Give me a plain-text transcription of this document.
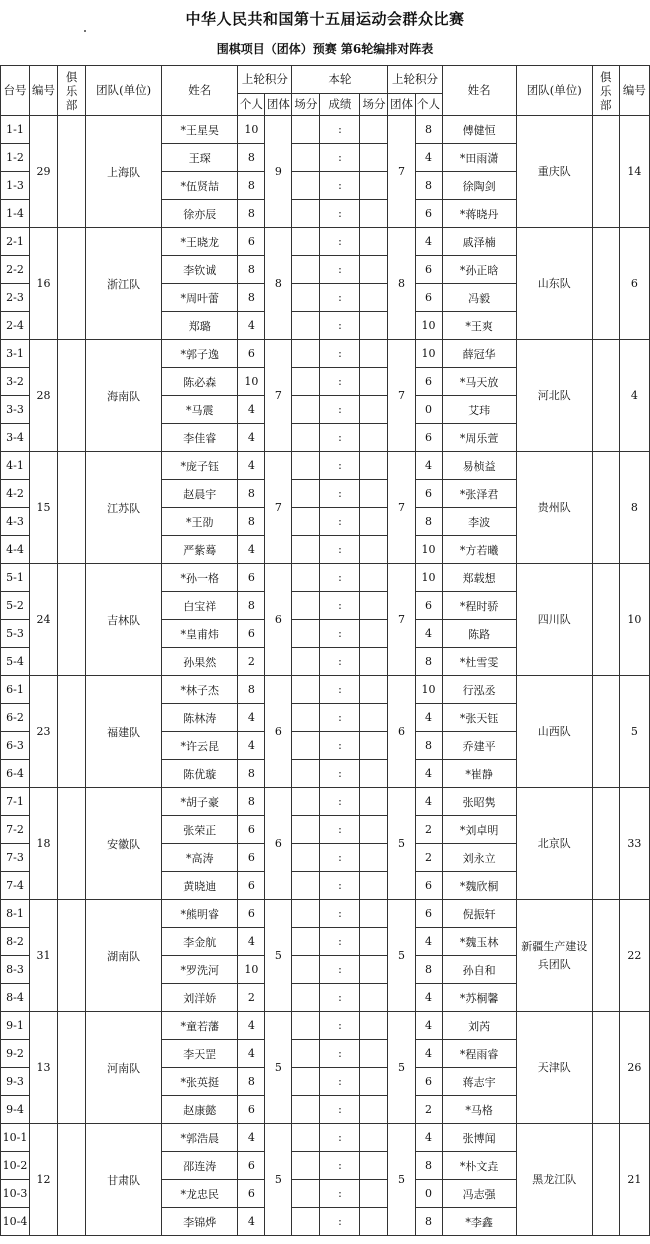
中华人民共和国第十五届运动会群众比赛
围棋项目（团体）预赛 第6轮编排对阵表
台号	编号	俱乐部	团队(单位)	姓名	上轮积分		本轮			上轮积分		姓名	团队(单位)	俱乐部	编号
					个人	团体	场分	成绩	场分	团体	个人				
1-1	29		上海队	*王星昊	10	9		:		7	8	傅健恒	重庆队		14
1-2				王琛	8			:			4	*田雨潇			
1-3				*伍贤喆	8			:			8	徐陶剑			
1-4				徐亦辰	8			:			6	*蒋晓丹			
2-1	16		浙江队	*王晓龙	6	8		:		8	4	戚泽楠	山东队		6
2-2				李钦诚	8			:			6	*孙正晗			
2-3				*周叶蕾	8			:			6	冯毅			
2-4				郑璐	4			:			10	*王爽			
3-1	28		海南队	*郭子逸	6	7		:		7	10	薛冠华	河北队		4
3-2				陈必森	10			:			6	*马天放			
3-3				*马震	4			:			0	艾玮			
3-4				李佳睿	4			:			6	*周乐萱			
4-1	15		江苏队	*庞子钰	4	7		:		7	4	易桢益	贵州队		8
4-2				赵晨宇	8			:			6	*张泽君			
4-3				*王劭	8			:			8	李波			
4-4				严紫蓦	4			:			10	*方若曦			
5-1	24		吉林队	*孙一格	6	6		:		7	10	郑载想	四川队		10
5-2				白宝祥	8			:			6	*程时骄			
5-3				*皇甫炜	6			:			4	陈路			
5-4				孙果然	2			:			8	*杜雪雯			
6-1	23		福建队	*林子杰	8	6		:		6	10	行泓丞	山西队		5
6-2				陈林涛	4			:			4	*张天钰			
6-3				*许云昆	4			:			8	乔建平			
6-4				陈优璇	8			:			4	*崔静			
7-1	18		安徽队	*胡子豪	8	6		:		5	4	张昭隽	北京队		33
7-2				张荣正	6			:			2	*刘卓明			
7-3				*高涛	6			:			2	刘永立			
7-4				黄晓迪	6			:			6	*魏欣桐			
8-1	31		湖南队	*熊明睿	6	5		:		5	6	倪振轩	新疆生产建设兵团队		22
8-2				李金航	4			:			4	*魏玉林			
8-3				*罗洗河	10			:			8	孙自和			
8-4				刘洋娇	2			:			4	*苏桐馨			
9-1	13		河南队	*童若藩	4	5		:		5	4	刘芮	天津队		26
9-2				李天罡	4			:			4	*程雨睿			
9-3				*张英挺	8			:			6	蒋志宇			
9-4				赵康懿	6			:			2	*马格			
10-1	12		甘肃队	*郭浩晨	4	5		:		5	4	张博闻	黑龙江队		21
10-2				邵连涛	6			:			8	*朴文垚			
10-3				*龙忠民	6			:			0	冯志强			
10-4				李锦烨	4			:			8	*李鑫			
